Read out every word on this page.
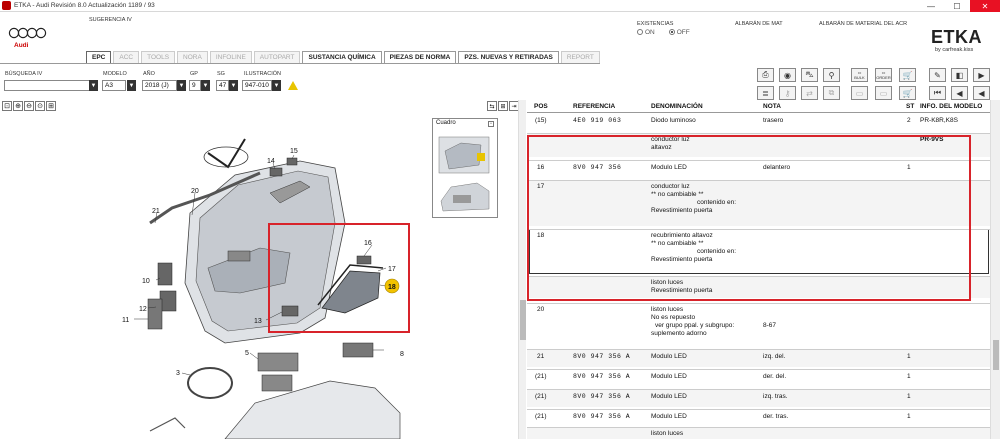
ETKA - Audi Revisión 8.0 Actualización 1189 / 93	—	☐	✕
Audi
SUGERENCIA IV
EXISTENCIAS
ON	OFF
ALBARÁN DE MAT	ALBARÁN DE MATERIAL DEL ACR
ETKA
by carfreak.kiss
EPC	ACC	TOOLS	NORA	INFOLINE	AUTOPART	SUSTANCIA QUÍMICA	PIEZAS DE NORMA	PZS. NUEVAS Y RETIRADAS	REPORT
BÚSQUEDA IV
▼
MODELO
A3	▼
AÑO
2018 (J)	▼
GP
9	▼
SG
47 ▼
ILUSTRACIÓN
947-010 ▼
⎙	◉	⛍	⚲	▭
BULK
▭
ORDER	🛒	✎	◧	▶
≣	⚷	⇄	⧉	▭	▭	🛒	⏮	◀	◀
⊡ ⊕ ⊖ ⊙ ⊞	⇆ ⊞ ⇥
20
21
14
15
10
12
11	13
16
17
3
5	8
18
Cuadro	▫
POS	REFERENCIA	DENOMINACIÓN	NOTA	ST INFO. DEL MODELO
(15)	4E0 919 063	Diodo luminoso	trasero	2 PR-K8R,K8S
conductor luz
altavoz
PR-9VS
16	8V0 947 356	Modulo LED	delantero	1
17	conductor luz
** no cambiable **
contenido en:
Revestimiento puerta
18	recubrimiento altavoz
** no cambiable **
contenido en:
Revestimiento puerta
liston luces
Revestimiento puerta
20	liston luces
No es repuesto
ver grupo ppal. y subgrupo:
suplemento adorno
8-67
21	8V0 947 356 A	Modulo LED	izq. del.	1
(21)	8V0 947 356 A	Modulo LED	der. del.	1
(21)	8V0 947 356 A	Modulo LED	izq. tras.	1
(21)	8V0 947 356 A	Modulo LED	der. tras.	1
liston luces
